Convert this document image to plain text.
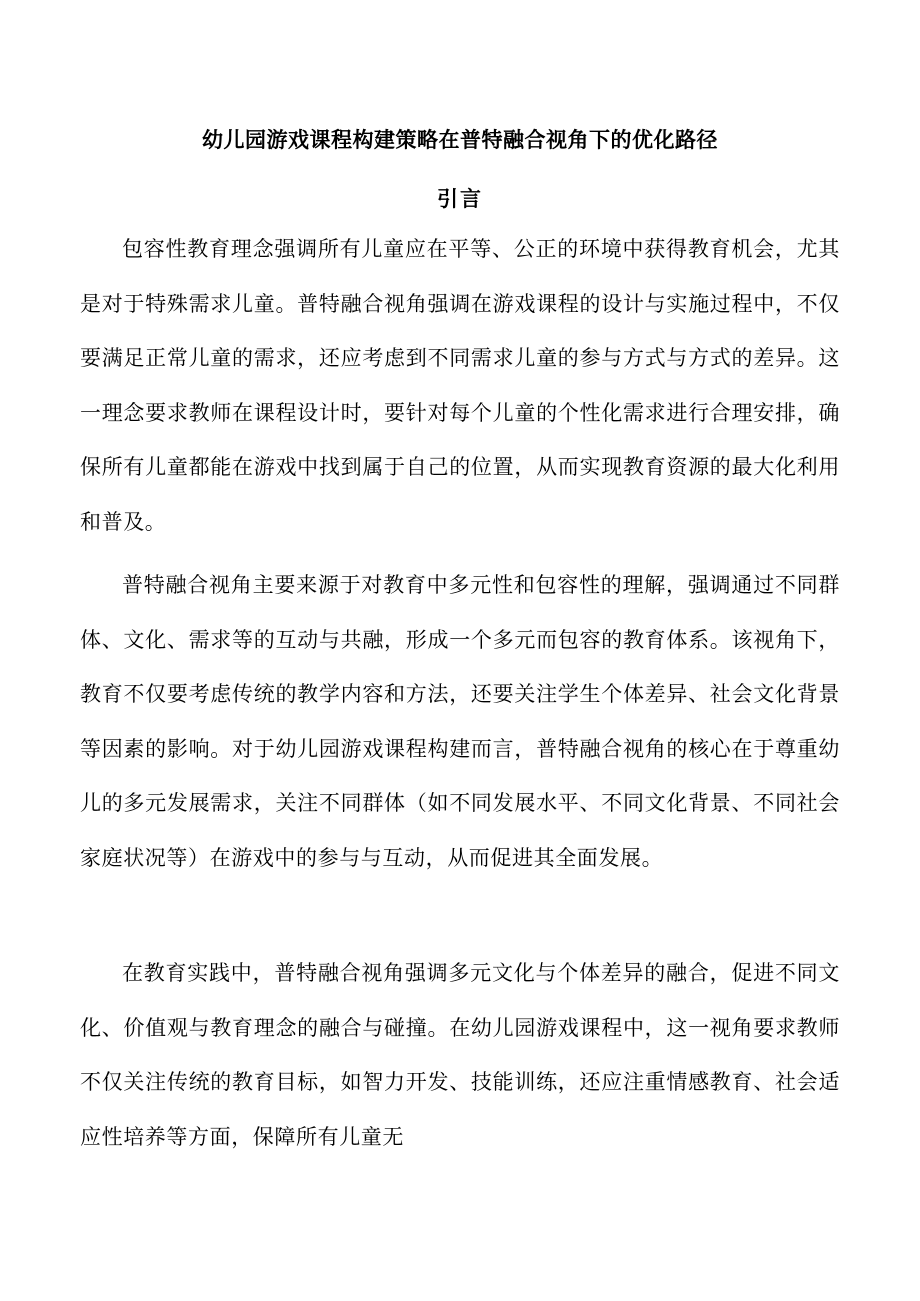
幼儿园游戏课程构建策略在普特融合视角下的优化路径
引言

包容性教育理念强调所有儿童应在平等、公正的环境中获得教育机会，尤其是对于特殊需求儿童。普特融合视角强调在游戏课程的设计与实施过程中，不仅要满足正常儿童的需求，还应考虑到不同需求儿童的参与方式与方式的差异。这一理念要求教师在课程设计时，要针对每个儿童的个性化需求进行合理安排，确保所有儿童都能在游戏中找到属于自己的位置，从而实现教育资源的最大化利用和普及。

普特融合视角主要来源于对教育中多元性和包容性的理解，强调通过不同群体、文化、需求等的互动与共融，形成一个多元而包容的教育体系。该视角下，教育不仅要考虑传统的教学内容和方法，还要关注学生个体差异、社会文化背景等因素的影响。对于幼儿园游戏课程构建而言，普特融合视角的核心在于尊重幼儿的多元发展需求，关注不同群体（如不同发展水平、不同文化背景、不同社会家庭状况等）在游戏中的参与与互动，从而促进其全面发展。

在教育实践中，普特融合视角强调多元文化与个体差异的融合，促进不同文化、价值观与教育理念的融合与碰撞。在幼儿园游戏课程中，这一视角要求教师不仅关注传统的教育目标，如智力开发、技能训练，还应注重情感教育、社会适应性培养等方面，保障所有儿童无
